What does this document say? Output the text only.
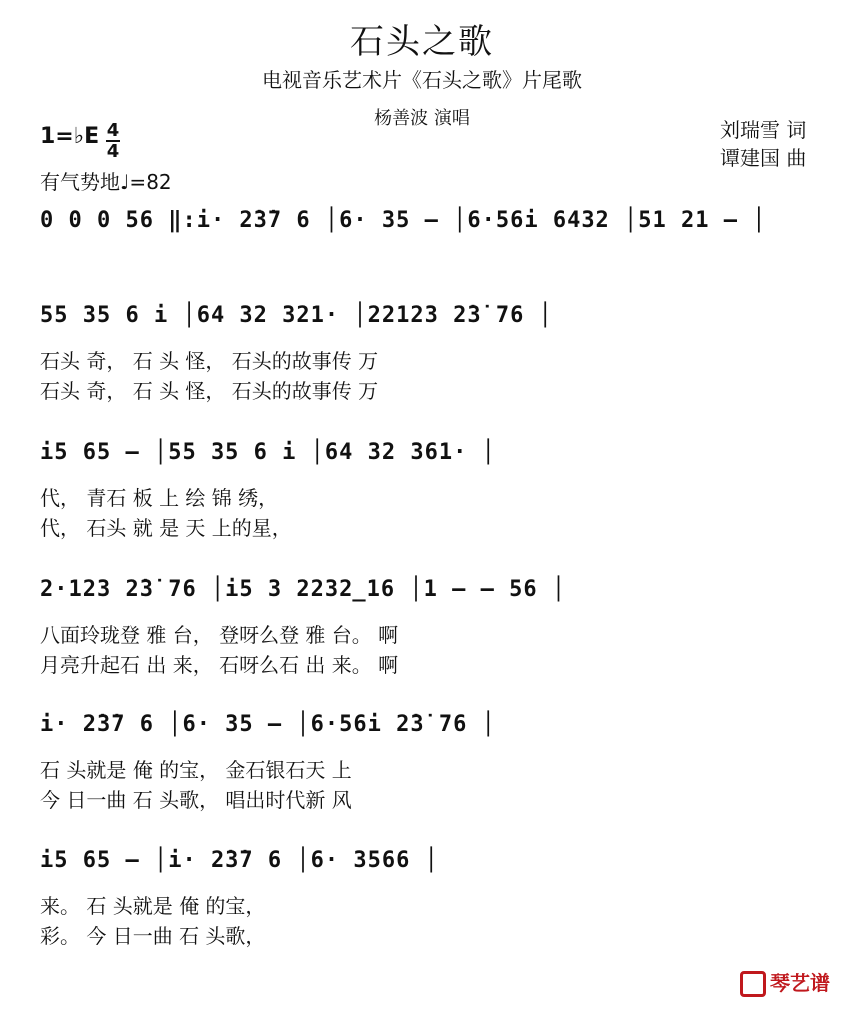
石头之歌
电视音乐艺术片《石头之歌》片尾歌
杨善波 演唱	刘瑞雪 词
谭建国 曲
1=♭E 4
4
有气势地♩=82
0 0 0 56 ‖:i· 2̇3̇7 6 │6· 35 – │6·56i 6432 │51 21 – │
55 35 6 i │64 32 321· │22123 2̇3̇ 76 │
石头 奇， 石 头 怪， 石头的故事传 万
石头 奇， 石 头 怪， 石头的故事传 万
i5 65 – │55 35 6 i │64 32 361· │
代， 青石 板 上 绘 锦 绣，
代， 石头 就 是 天 上的星，
2·123 2̇3̇ 76 │i5 3 2232̲16 │1 – – 56 │
八面玲珑登 雅 台， 登呀么登 雅 台。 啊
月亮升起石 出 来， 石呀么石 出 来。 啊
i· 2̇3̇7 6 │6· 35 – │6·56i 2̇3̇ 76 │
石 头就是 俺 的宝， 金石银石天 上
今 日一曲 石 头歌， 唱出时代新 风
i5 65 – │i· 2̇3̇7 6 │6· 3566 │
来。 石 头就是 俺 的宝，
彩。 今 日一曲 石 头歌，
琴艺谱
